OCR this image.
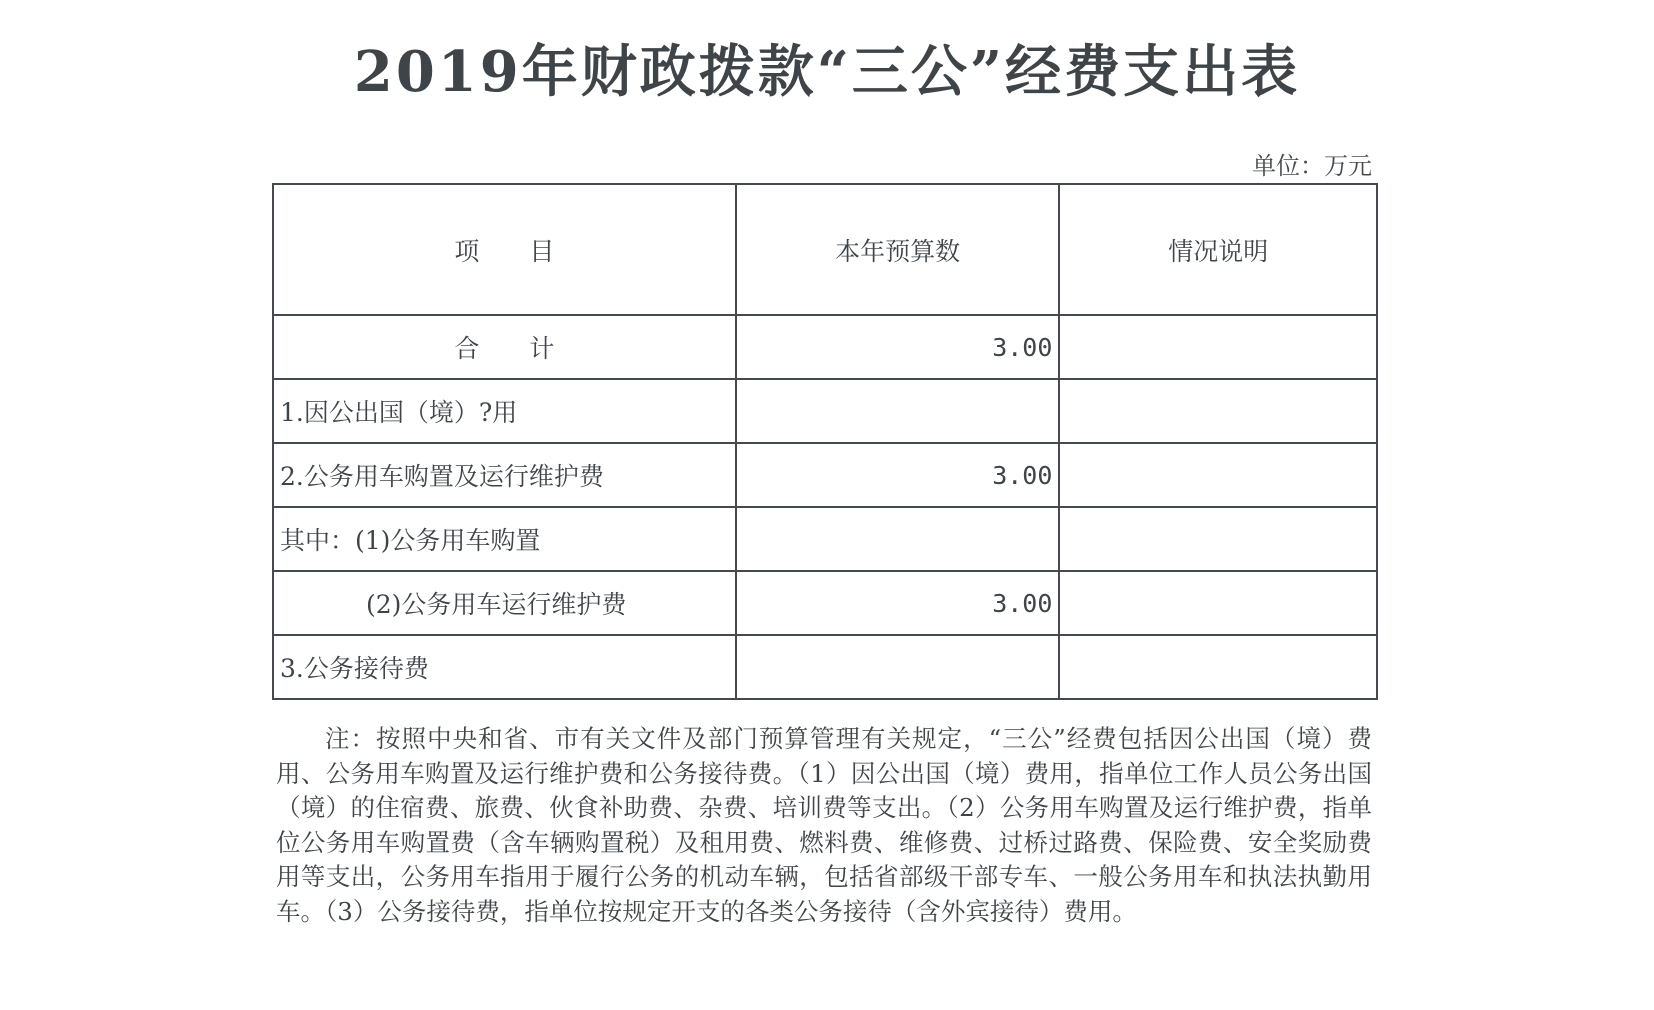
2019年财政拨款“三公”经费支出表
单位：万元
项　　目	本年预算数	情况说明
合　　计	3.00	
1.因公出国（境）?用		
2.公务用车购置及运行维护费	3.00	
其中：(1)公务用车购置		
(2)公务用车运行维护费	3.00	
3.公务接待费		
注：按照中央和省、市有关文件及部门预算管理有关规定，“三公”经费包括因公出国（境）费用、公务用车购置及运行维护费和公务接待费。（1）因公出国（境）费用，指单位工作人员公务出国（境）的住宿费、旅费、伙食补助费、杂费、培训费等支出。（2）公务用车购置及运行维护费，指单位公务用车购置费（含车辆购置税）及租用费、燃料费、维修费、过桥过路费、保险费、安全奖励费用等支出，公务用车指用于履行公务的机动车辆，包括省部级干部专车、一般公务用车和执法执勤用车。（3）公务接待费，指单位按规定开支的各类公务接待（含外宾接待）费用。
